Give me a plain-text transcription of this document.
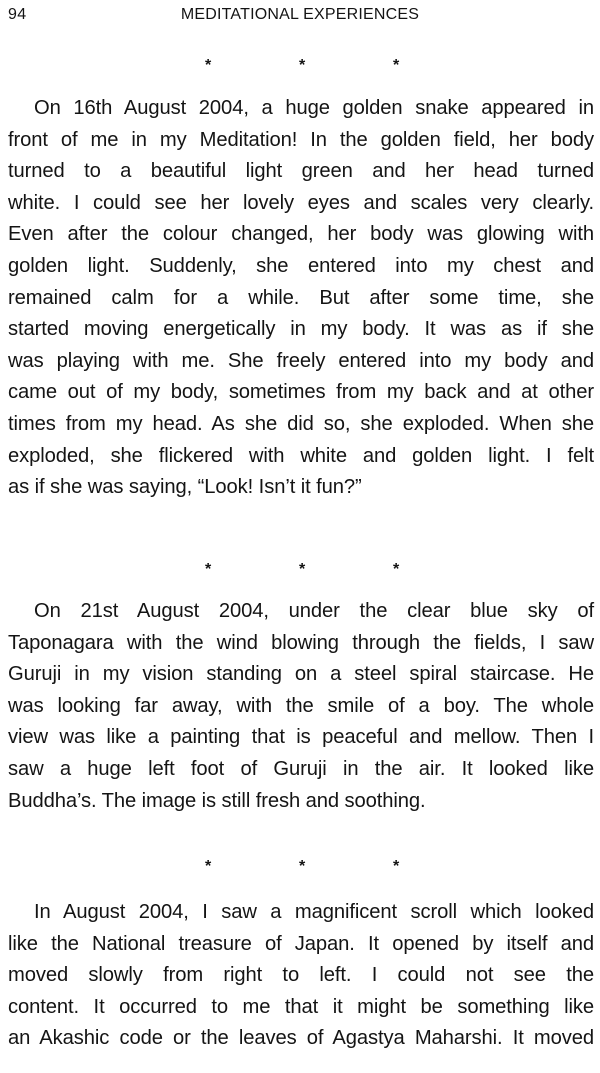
94	MEDITATIONAL EXPERIENCES
*	*	*
On 16th August 2004, a huge golden snake appeared in
front of me in my Meditation! In the golden field, her body
turned to a beautiful light green and her head turned
white. I could see her lovely eyes and scales very clearly.
Even after the colour changed, her body was glowing with
golden light. Suddenly, she entered into my chest and
remained calm for a while. But after some time, she
started moving energetically in my body. It was as if she
was playing with me. She freely entered into my body and
came out of my body, sometimes from my back and at other
times from my head. As she did so, she exploded. When she
exploded, she flickered with white and golden light. I felt
as if she was saying, “Look! Isn’t it fun?”
*	*	*
On 21st August 2004, under the clear blue sky of
Taponagara with the wind blowing through the fields, I saw
Guruji in my vision standing on a steel spiral staircase. He
was looking far away, with the smile of a boy. The whole
view was like a painting that is peaceful and mellow. Then I
saw a huge left foot of Guruji in the air. It looked like
Buddha’s. The image is still fresh and soothing.
*	*	*
In August 2004, I saw a magnificent scroll which looked
like the National treasure of Japan. It opened by itself and
moved slowly from right to left. I could not see the
content. It occurred to me that it might be something like
an Akashic code or the leaves of Agastya Maharshi. It moved
